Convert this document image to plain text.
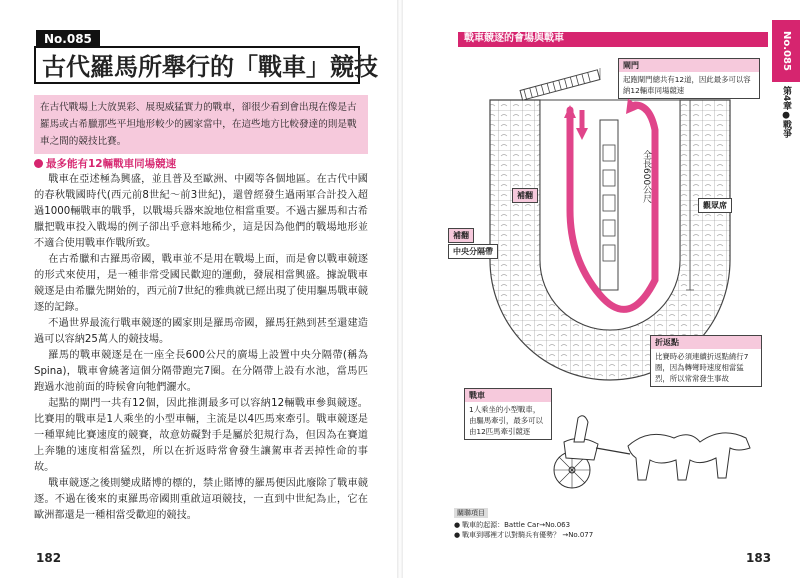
No.085
古代羅馬所舉行的「戰車」競技
在古代戰場上大放異彩、展現威猛實力的戰車，卻很少看到會出現在像是古羅馬或古希臘那些平坦地形較少的國家當中，在這些地方比較發達的則是戰車之間的競技比賽。
最多能有12輛戰車同場競速

戰車在亞述極為興盛，並且普及至歐洲、中國等各個地區。在古代中國的春秋戰國時代(西元前8世紀～前3世紀)，還曾經發生過兩軍合計投入超過1000輛戰車的戰爭，以戰場兵器來說地位相當重要。不過古羅馬和古希臘把戰車投入戰場的例子卻出乎意料地稀少，這是因為他們的戰場地形並不適合使用戰車作戰所致。

在古希臘和古羅馬帝國，戰車並不是用在戰場上面，而是會以戰車競逐的形式來使用，是一種非常受國民歡迎的運動，發展相當興盛。據說戰車競逐是由希臘先開始的，西元前7世紀的雅典就已經出現了使用驅馬戰車競逐的記錄。

不過世界最流行戰車競逐的國家則是羅馬帝國，羅馬狂熱到甚至還建造過可以容納25萬人的競技場。

羅馬的戰車競逐是在一座全長600公尺的廣場上設置中央分隔帶(稱為Spina)，戰車會繞著這個分隔帶跑完7圈。在分隔帶上設有水池，當馬匹跑過水池前面的時候會向牠們灑水。

起點的閘門一共有12個，因此推測最多可以容納12輛戰車參與競逐。比賽用的戰車是1人乘坐的小型車輛，主流是以4匹馬來牽引。戰車競逐是一種單純比賽速度的競賽，故意妨礙對手是屬於犯規行為，但因為在賽道上奔馳的速度相當猛烈，所以在折返時常會發生讓駕車者丟掉性命的事故。

戰車競逐之後則變成賭博的標的，禁止賭博的羅馬便因此廢除了戰車競逐。不過在後來的東羅馬帝國則重啟這項競技，一直到中世紀為止，它在歐洲都還是一種相當受歡迎的競技。

182
戰車競逐的會場與戰車
閘門
起跑閘門總共有12道，因此最多可以容納12輛車同場競速
觀眾席
補翻
補翻
中央分隔帶
全長600公尺
折返點
比賽時必須連續折返點繞行7圈，因為轉彎時速度相當猛烈，所以常常發生事故
戰車
1人乘坐的小型戰車，由驅馬牽引，最多可以由12匹馬牽引競逐
關聯項目
● 戰車的起源：Battle Car→No.063
● 戰車到哪裡才以對騎兵有優勢？ →No.077
No.085
第4章●戰爭
183
